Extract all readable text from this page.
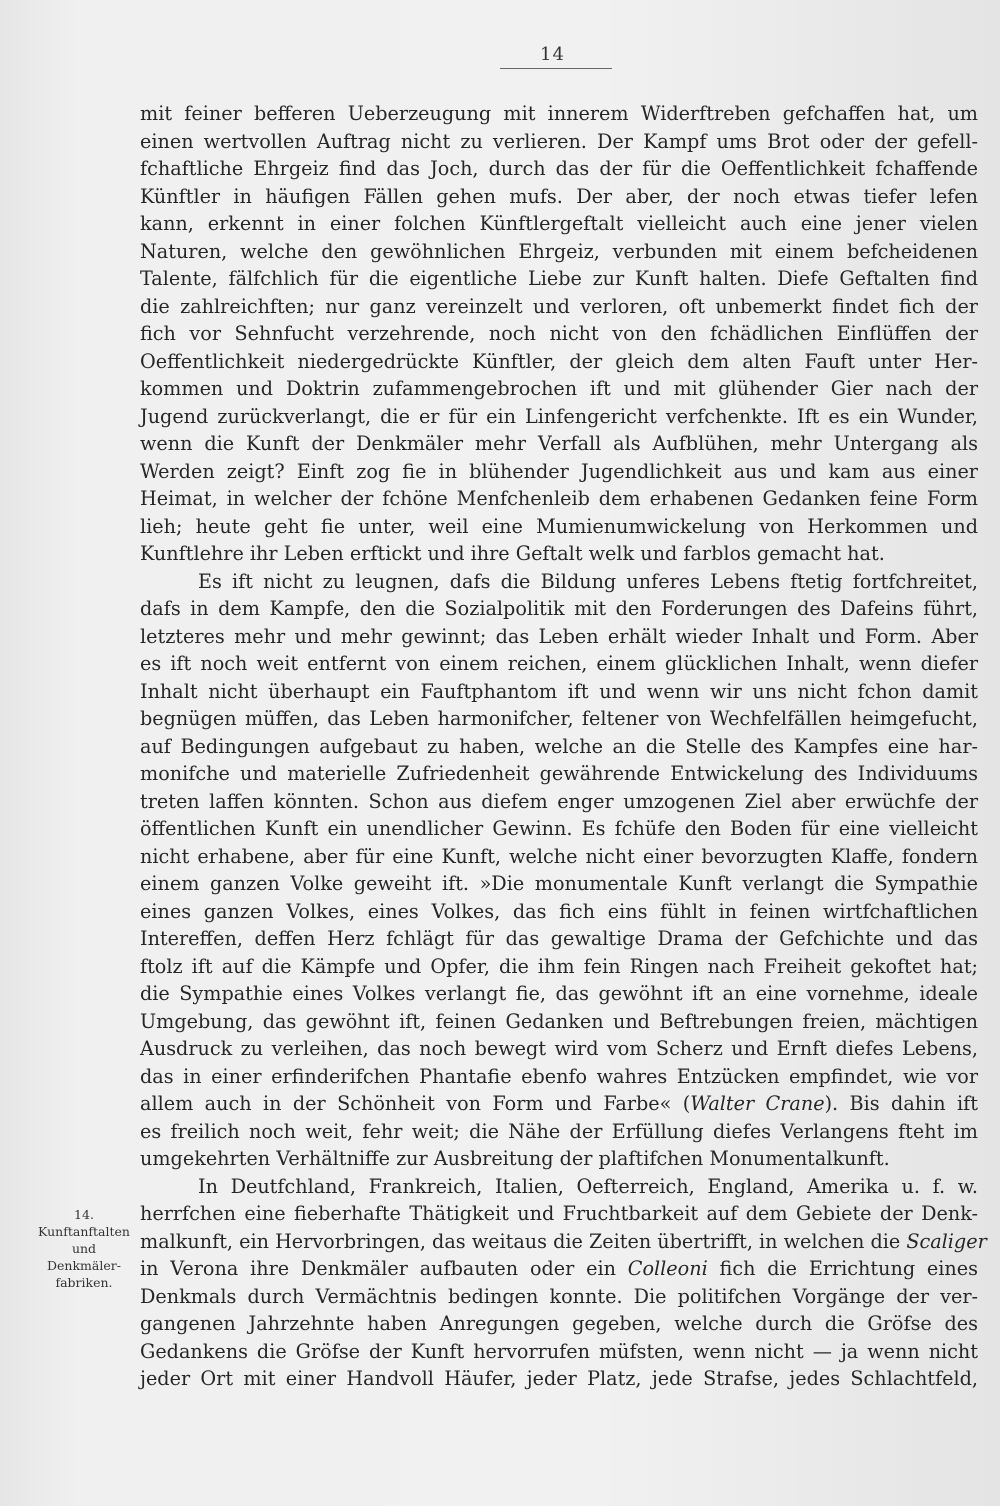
14
14.
Kunftanftalten
und
Denkmäler-
fabriken.
mit feiner befferen Ueberzeugung mit innerem Widerftreben gefchaffen hat, um
einen wertvollen Auftrag nicht zu verlieren. Der Kampf ums Brot oder der gefell-
fchaftliche Ehrgeiz find das Joch, durch das der für die Oeffentlichkeit fchaffende
Künftler in häufigen Fällen gehen mufs. Der aber, der noch etwas tiefer lefen
kann, erkennt in einer folchen Künftlergeftalt vielleicht auch eine jener vielen
Naturen, welche den gewöhnlichen Ehrgeiz, verbunden mit einem befcheidenen
Talente, fälfchlich für die eigentliche Liebe zur Kunft halten. Diefe Geftalten find
die zahlreichften; nur ganz vereinzelt und verloren, oft unbemerkt findet fich der
fich vor Sehnfucht verzehrende, noch nicht von den fchädlichen Einflüffen der
Oeffentlichkeit niedergedrückte Künftler, der gleich dem alten Fauft unter Her-
kommen und Doktrin zufammengebrochen ift und mit glühender Gier nach der
Jugend zurückverlangt, die er für ein Linfengericht verfchenkte. Ift es ein Wunder,
wenn die Kunft der Denkmäler mehr Verfall als Aufblühen, mehr Untergang als
Werden zeigt? Einft zog fie in blühender Jugendlichkeit aus und kam aus einer
Heimat, in welcher der fchöne Menfchenleib dem erhabenen Gedanken feine Form
lieh; heute geht fie unter, weil eine Mumienumwickelung von Herkommen und
Kunftlehre ihr Leben erftickt und ihre Geftalt welk und farblos gemacht hat.
Es ift nicht zu leugnen, dafs die Bildung unferes Lebens ftetig fortfchreitet,
dafs in dem Kampfe, den die Sozialpolitik mit den Forderungen des Dafeins führt,
letzteres mehr und mehr gewinnt; das Leben erhält wieder Inhalt und Form. Aber
es ift noch weit entfernt von einem reichen, einem glücklichen Inhalt, wenn diefer
Inhalt nicht überhaupt ein Fauftphantom ift und wenn wir uns nicht fchon damit
begnügen müffen, das Leben harmonifcher, feltener von Wechfelfällen heimgefucht,
auf Bedingungen aufgebaut zu haben, welche an die Stelle des Kampfes eine har-
monifche und materielle Zufriedenheit gewährende Entwickelung des Individuums
treten laffen könnten. Schon aus diefem enger umzogenen Ziel aber erwüchfe der
öffentlichen Kunft ein unendlicher Gewinn. Es fchüfe den Boden für eine vielleicht
nicht erhabene, aber für eine Kunft, welche nicht einer bevorzugten Klaffe, fondern
einem ganzen Volke geweiht ift. »Die monumentale Kunft verlangt die Sympathie
eines ganzen Volkes, eines Volkes, das fich eins fühlt in feinen wirtfchaftlichen
Intereffen, deffen Herz fchlägt für das gewaltige Drama der Gefchichte und das
ftolz ift auf die Kämpfe und Opfer, die ihm fein Ringen nach Freiheit gekoftet hat;
die Sympathie eines Volkes verlangt fie, das gewöhnt ift an eine vornehme, ideale
Umgebung, das gewöhnt ift, feinen Gedanken und Beftrebungen freien, mächtigen
Ausdruck zu verleihen, das noch bewegt wird vom Scherz und Ernft diefes Lebens,
das in einer erfinderifchen Phantafie ebenfo wahres Entzücken empfindet, wie vor
allem auch in der Schönheit von Form und Farbe« (Walter Crane). Bis dahin ift
es freilich noch weit, fehr weit; die Nähe der Erfüllung diefes Verlangens fteht im
umgekehrten Verhältniffe zur Ausbreitung der plaftifchen Monumentalkunft.
In Deutfchland, Frankreich, Italien, Oefterreich, England, Amerika u. f. w.
herrfchen eine fieberhafte Thätigkeit und Fruchtbarkeit auf dem Gebiete der Denk-
malkunft, ein Hervorbringen, das weitaus die Zeiten übertrifft, in welchen die Scaliger
in Verona ihre Denkmäler aufbauten oder ein Colleoni fich die Errichtung eines
Denkmals durch Vermächtnis bedingen konnte. Die politifchen Vorgänge der ver-
gangenen Jahrzehnte haben Anregungen gegeben, welche durch die Gröfse des
Gedankens die Gröfse der Kunft hervorrufen müfsten, wenn nicht — ja wenn nicht
jeder Ort mit einer Handvoll Häufer, jeder Platz, jede Strafse, jedes Schlachtfeld,
